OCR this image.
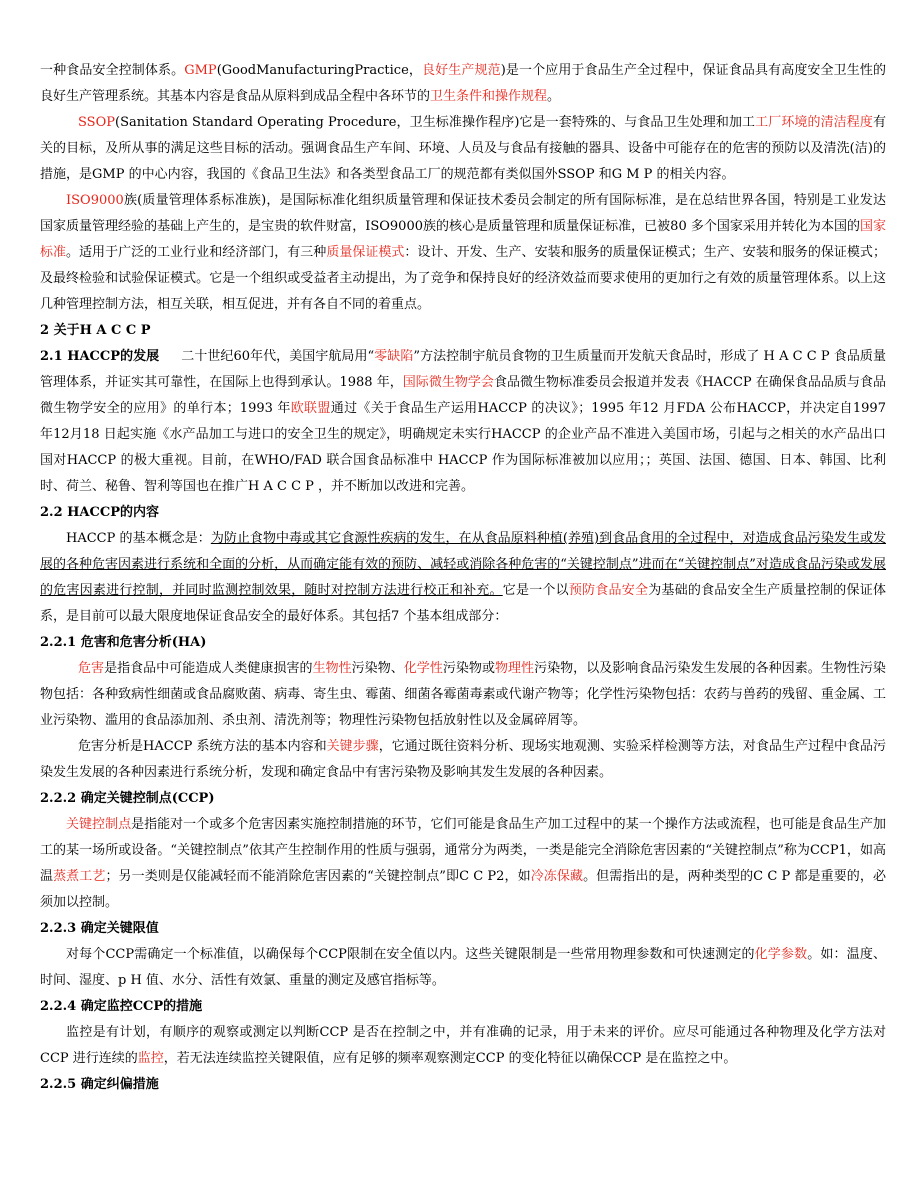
一种食品安全控制体系。GMP(GoodManufacturingPractice，良好生产规范)是一个应用于食品生产全过程中，保证食品具有高度安全卫生性的良好生产管理系统。其基本内容是食品从原料到成品全程中各环节的卫生条件和操作规程。

SSOP(Sanitation Standard Operating Procedure，卫生标准操作程序)它是一套特殊的、与食品卫生处理和加工工厂环境的清洁程度有关的目标，及所从事的满足这些目标的活动。强调食品生产车间、环境、人员及与食品有接触的器具、设备中可能存在的危害的预防以及清洗(洁)的措施，是GMP 的中心内容，我国的《食品卫生法》和各类型食品工厂的规范都有类似国外SSOP 和G M P 的相关内容。

ISO9000族(质量管理体系标准族)，是国际标准化组织质量管理和保证技术委员会制定的所有国际标准，是在总结世界各国，特别是工业发达国家质量管理经验的基础上产生的，是宝贵的软件财富，ISO9000族的核心是质量管理和质量保证标准，已被80 多个国家采用并转化为本国的国家标准。适用于广泛的工业行业和经济部门，有三种质量保证模式：设计、开发、生产、安装和服务的质量保证模式；生产、安装和服务的保证模式；及最终检验和试验保证模式。它是一个组织或受益者主动提出，为了竞争和保持良好的经济效益而要求使用的更加行之有效的质量管理体系。以上这几种管理控制方法，相互关联，相互促进，并有各自不同的着重点。

2 关于H A C C P

2.1 HACCP的发展 二十世纪60年代，美国宇航局用“零缺陷”方法控制宇航员食物的卫生质量而开发航天食品时，形成了 H A C C P 食品质量管理体系，并证实其可靠性，在国际上也得到承认。1988 年，国际微生物学会食品微生物标准委员会报道并发表《HACCP 在确保食品品质与食品微生物学安全的应用》的单行本；1993 年欧联盟通过《关于食品生产运用HACCP 的决议》；1995 年12 月FDA 公布HACCP，并决定自1997 年12月18 日起实施《水产品加工与进口的安全卫生的规定》，明确规定未实行HACCP 的企业产品不准进入美国市场，引起与之相关的水产品出口国对HACCP 的极大重视。目前，在WHO/FAD 联合国食品标准中 HACCP 作为国际标准被加以应用；；英国、法国、德国、日本、韩国、比利时、荷兰、秘鲁、智利等国也在推广H A C C P ，并不断加以改进和完善。

2.2 HACCP的内容

HACCP 的基本概念是：为防止食物中毒或其它食源性疾病的发生，在从食品原料种植(养殖)到食品食用的全过程中，对造成食品污染发生或发展的各种危害因素进行系统和全面的分析，从而确定能有效的预防、减轻或消除各种危害的“关键控制点”进而在“关键控制点”对造成食品污染或发展的危害因素进行控制，并同时监测控制效果，随时对控制方法进行校正和补充。它是一个以预防食品安全为基础的食品安全生产质量控制的保证体系，是目前可以最大限度地保证食品安全的最好体系。其包括7 个基本组成部分：

2.2.1 危害和危害分析(HA)

危害是指食品中可能造成人类健康损害的生物性污染物、化学性污染物或物理性污染物，以及影响食品污染发生发展的各种因素。生物性污染物包括：各种致病性细菌或食品腐败菌、病毒、寄生虫、霉菌、细菌各霉菌毒素或代谢产物等；化学性污染物包括：农药与兽药的残留、重金属、工业污染物、滥用的食品添加剂、杀虫剂、清洗剂等；物理性污染物包括放射性以及金属碎屑等。

危害分析是HACCP 系统方法的基本内容和关键步骤，它通过既往资料分析、现场实地观测、实验采样检测等方法，对食品生产过程中食品污染发生发展的各种因素进行系统分析，发现和确定食品中有害污染物及影响其发生发展的各种因素。

2.2.2 确定关键控制点(CCP)

关键控制点是指能对一个或多个危害因素实施控制措施的环节，它们可能是食品生产加工过程中的某一个操作方法或流程，也可能是食品生产加工的某一场所或设备。“关键控制点”依其产生控制作用的性质与强弱，通常分为两类，一类是能完全消除危害因素的“关键控制点”称为CCP1，如高温蒸煮工艺；另一类则是仅能减轻而不能消除危害因素的“关键控制点”即C C P2，如冷冻保藏。但需指出的是，两种类型的C C P 都是重要的，必须加以控制。

2.2.3 确定关键限值

对每个CCP需确定一个标准值，以确保每个CCP限制在安全值以内。这些关键限制是一些常用物理参数和可快速测定的化学参数。如：温度、时间、湿度、p H 值、水分、活性有效氯、重量的测定及感官指标等。

2.2.4 确定监控CCP的措施

监控是有计划，有顺序的观察或测定以判断CCP 是否在控制之中，并有准确的记录，用于未来的评价。应尽可能通过各种物理及化学方法对CCP 进行连续的监控，若无法连续监控关键限值，应有足够的频率观察测定CCP 的变化特征以确保CCP 是在监控之中。

2.2.5 确定纠偏措施
